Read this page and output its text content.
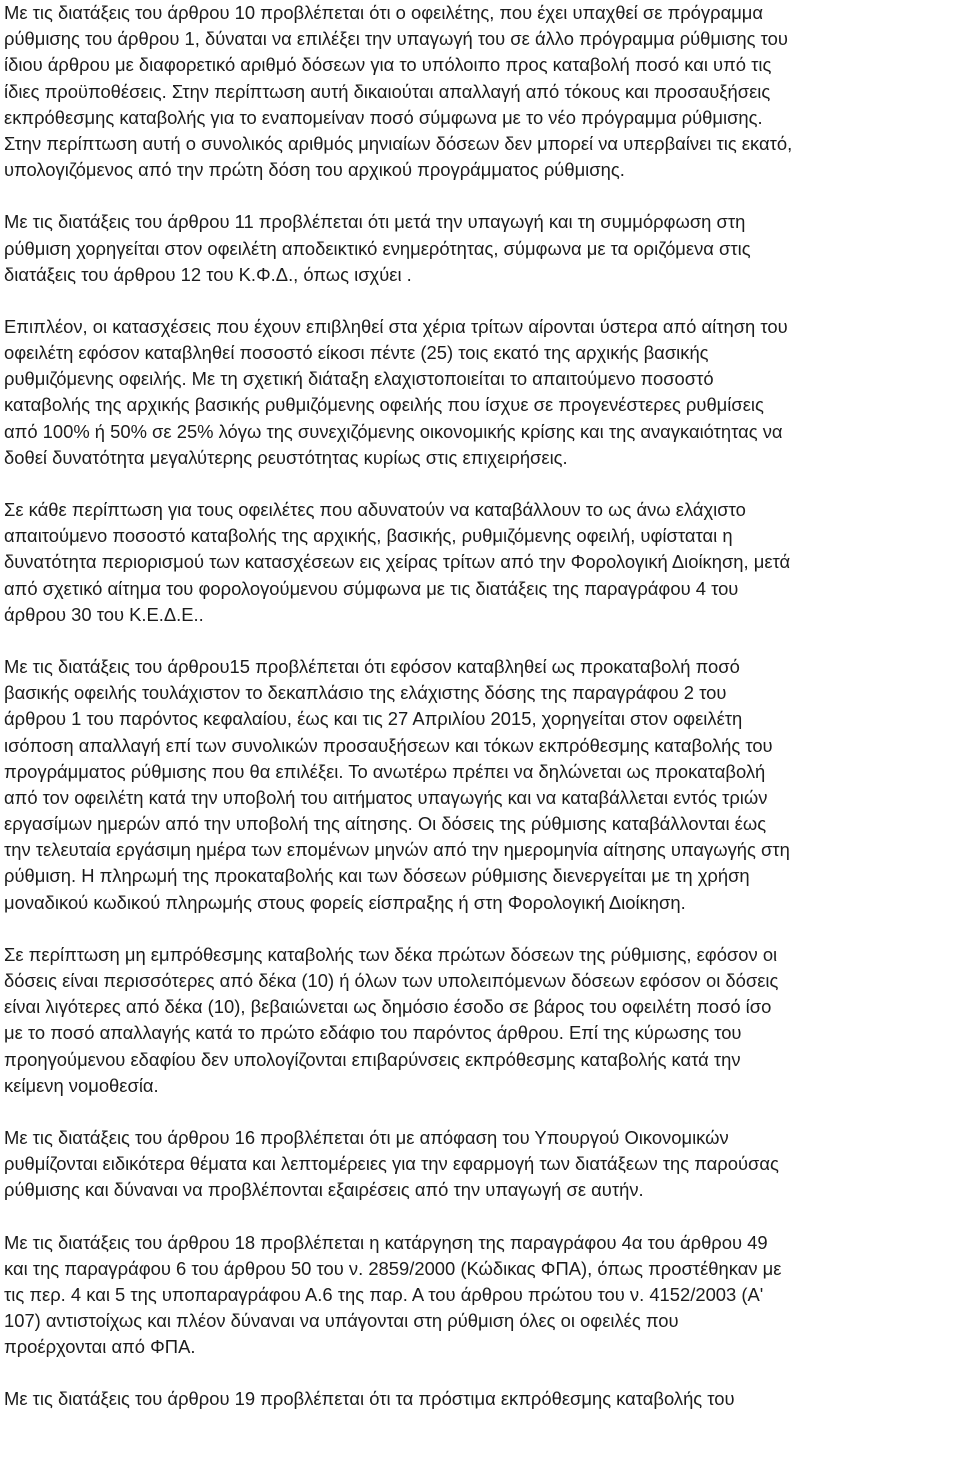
Με τις διατάξεις του άρθρου 10 προβλέπεται ότι ο οφειλέτης, που έχει υπαχθεί σε πρόγραμμα
ρύθμισης του άρθρου 1, δύναται να επιλέξει την υπαγωγή του σε άλλο πρόγραμμα ρύθμισης του
ίδιου άρθρου με διαφορετικό αριθμό δόσεων για το υπόλοιπο προς καταβολή ποσό και υπό τις
ίδιες προϋποθέσεις. Στην περίπτωση αυτή δικαιούται απαλλαγή από τόκους και προσαυξήσεις
εκπρόθεσμης καταβολής για το εναπομείναν ποσό σύμφωνα με το νέο πρόγραμμα ρύθμισης.
Στην περίπτωση αυτή ο συνολικός αριθμός μηνιαίων δόσεων δεν μπορεί να υπερβαίνει τις εκατό,
υπολογιζόμενος από την πρώτη δόση του αρχικού προγράμματος ρύθμισης.
Με τις διατάξεις του άρθρου 11 προβλέπεται ότι μετά την υπαγωγή και τη συμμόρφωση στη
ρύθμιση χορηγείται στον οφειλέτη αποδεικτικό ενημερότητας, σύμφωνα με τα οριζόμενα στις
διατάξεις του άρθρου 12 του Κ.Φ.Δ., όπως ισχύει .
Επιπλέον, οι κατασχέσεις που έχουν επιβληθεί στα χέρια τρίτων αίρονται ύστερα από αίτηση του
οφειλέτη εφόσον καταβληθεί ποσοστό είκοσι πέντε (25) τοις εκατό της αρχικής βασικής
ρυθμιζόμενης οφειλής. Με τη σχετική διάταξη ελαχιστοποιείται το απαιτούμενο ποσοστό
καταβολής της αρχικής βασικής ρυθμιζόμενης οφειλής που ίσχυε σε προγενέστερες ρυθμίσεις
από 100% ή 50% σε 25% λόγω της συνεχιζόμενης οικονομικής κρίσης και της αναγκαιότητας να
δοθεί δυνατότητα μεγαλύτερης ρευστότητας κυρίως στις επιχειρήσεις.
Σε κάθε περίπτωση για τους οφειλέτες που αδυνατούν να καταβάλλουν το ως άνω ελάχιστο
απαιτούμενο ποσοστό καταβολής της αρχικής, βασικής, ρυθμιζόμενης οφειλή, υφίσταται η
δυνατότητα περιορισμού των κατασχέσεων εις χείρας τρίτων από την Φορολογική Διοίκηση, μετά
από σχετικό αίτημα του φορολογούμενου σύμφωνα με τις διατάξεις της παραγράφου 4 του
άρθρου 30 του Κ.Ε.Δ.Ε..
Με τις διατάξεις του άρθρου15 προβλέπεται ότι εφόσον καταβληθεί ως προκαταβολή ποσό
βασικής οφειλής τουλάχιστον το δεκαπλάσιο της ελάχιστης δόσης της παραγράφου 2 του
άρθρου 1 του παρόντος κεφαλαίου, έως και τις 27 Απριλίου 2015, χορηγείται στον οφειλέτη
ισόποση απαλλαγή επί των συνολικών προσαυξήσεων και τόκων εκπρόθεσμης καταβολής του
προγράμματος ρύθμισης που θα επιλέξει. Το ανωτέρω πρέπει να δηλώνεται ως προκαταβολή
από τον οφειλέτη κατά την υποβολή του αιτήματος υπαγωγής και να καταβάλλεται εντός τριών
εργασίμων ημερών από την υποβολή της αίτησης. Οι δόσεις της ρύθμισης καταβάλλονται έως
την τελευταία εργάσιμη ημέρα των επομένων μηνών από την ημερομηνία αίτησης υπαγωγής στη
ρύθμιση. Η πληρωμή της προκαταβολής και των δόσεων ρύθμισης διενεργείται με τη χρήση
μοναδικού κωδικού πληρωμής στους φορείς είσπραξης ή στη Φορολογική Διοίκηση.
Σε περίπτωση μη εμπρόθεσμης καταβολής των δέκα πρώτων δόσεων της ρύθμισης, εφόσον οι
δόσεις είναι περισσότερες από δέκα (10) ή όλων των υπολειπόμενων δόσεων εφόσον οι δόσεις
είναι λιγότερες από δέκα (10), βεβαιώνεται ως δημόσιο έσοδο σε βάρος του οφειλέτη ποσό ίσο
με το ποσό απαλλαγής κατά το πρώτο εδάφιο του παρόντος άρθρου. Επί της κύρωσης του
προηγούμενου εδαφίου δεν υπολογίζονται επιβαρύνσεις εκπρόθεσμης καταβολής κατά την
κείμενη νομοθεσία.
Με τις διατάξεις του άρθρου 16 προβλέπεται ότι με απόφαση του Υπουργού Οικονομικών
ρυθμίζονται ειδικότερα θέματα και λεπτομέρειες για την εφαρμογή των διατάξεων της παρούσας
ρύθμισης και δύναναι να προβλέπονται εξαιρέσεις από την υπαγωγή σε αυτήν.
Με τις διατάξεις του άρθρου 18 προβλέπεται η κατάργηση της παραγράφου 4α του άρθρου 49
και της παραγράφου 6 του άρθρου 50 του ν. 2859/2000 (Κώδικας ΦΠΑ), όπως προστέθηκαν με
τις περ. 4 και 5 της υποπαραγράφου Α.6 της παρ. Α του άρθρου πρώτου του ν. 4152/2003 (Α'
107) αντιστοίχως και πλέον δύναναι να υπάγονται στη ρύθμιση όλες οι οφειλές που
προέρχονται από ΦΠΑ.
Με τις διατάξεις του άρθρου 19 προβλέπεται ότι τα πρόστιμα εκπρόθεσμης καταβολής του
